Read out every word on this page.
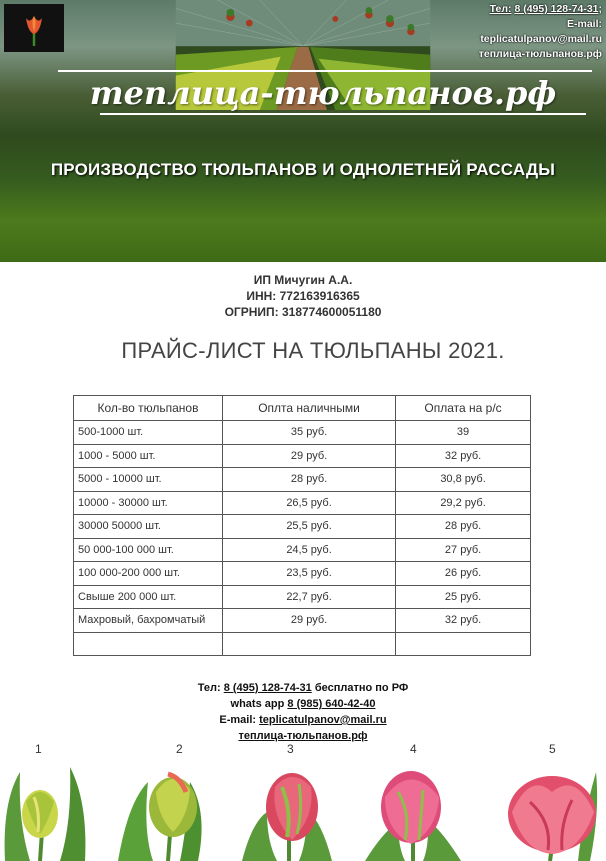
Тел: 8 (495) 128-74-31;
E-mail:
teplicatulpanov@mail.ru
теплица-тюльпанов.рф
теплица-тюльпанов.рф
ПРОИЗВОДСТВО ТЮЛЬПАНОВ И ОДНОЛЕТНЕЙ РАССАДЫ
ИП Мичугин А.А.
ИНН: 772163916365
ОГРНИП: 318774600051180
ПРАЙС-ЛИСТ НА ТЮЛЬПАНЫ 2021.
Кол-во тюльпанов	Оплта наличными	Оплата на р/с
500-1000 шт.	35 руб.	39
1000 - 5000 шт.	29 руб.	32 руб.
5000 - 10000 шт.	28 руб.	30,8 руб.
10000 - 30000 шт.	26,5 руб.	29,2 руб.
30000 50000 шт.	25,5 руб.	28 руб.
50 000-100 000 шт.	24,5 руб.	27 руб.
100 000-200 000 шт.	23,5 руб.	26 руб.
Свыше 200 000 шт.	22,7 руб.	25 руб.
Махровый, бахромчатый	29 руб.	32 руб.

Тел: 8 (495) 128-74-31 бесплатно по РФ
whats app 8 (985) 640-42-40
E-mail: teplicatulpanov@mail.ru
теплица-тюльпанов.рф
1	2	3	4	5
